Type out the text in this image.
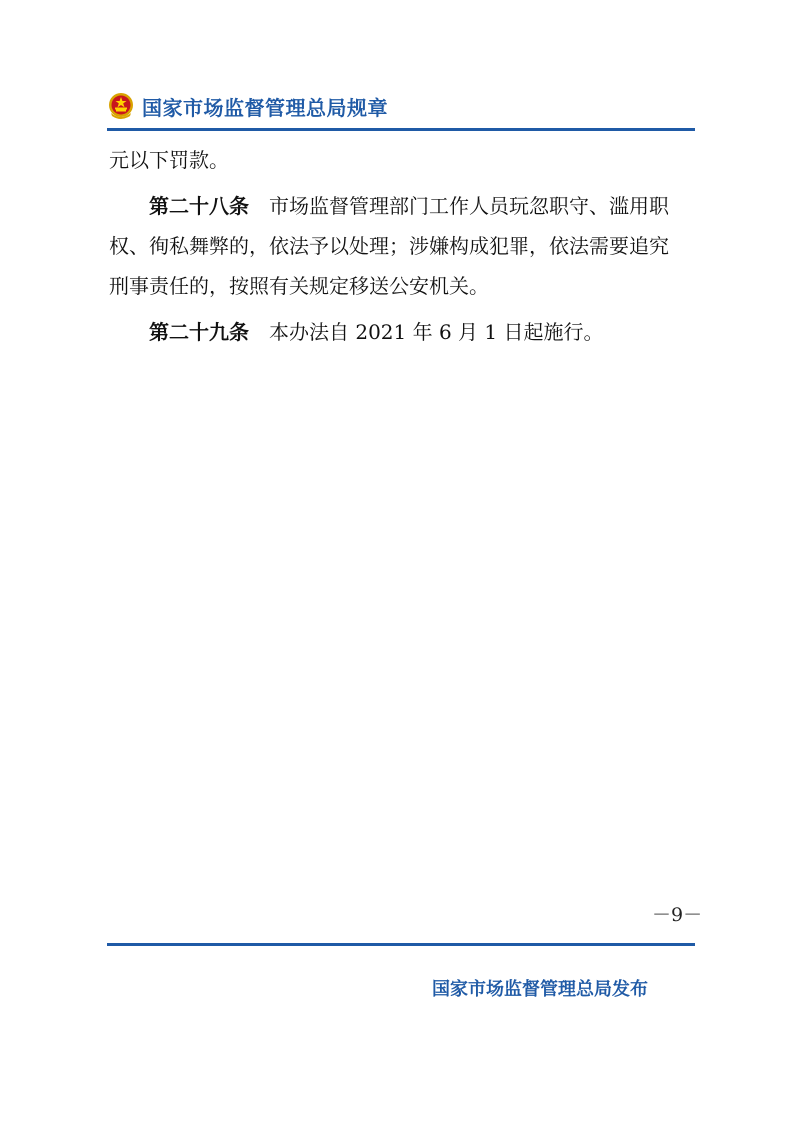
国家市场监督管理总局规章
元以下罚款。
第二十八条 市场监督管理部门工作人员玩忽职守、滥用职
权、徇私舞弊的，依法予以处理；涉嫌构成犯罪，依法需要追究
刑事责任的，按照有关规定移送公安机关。
第二十九条 本办法自 2021 年 6 月 1 日起施行。
－9－
国家市场监督管理总局发布
